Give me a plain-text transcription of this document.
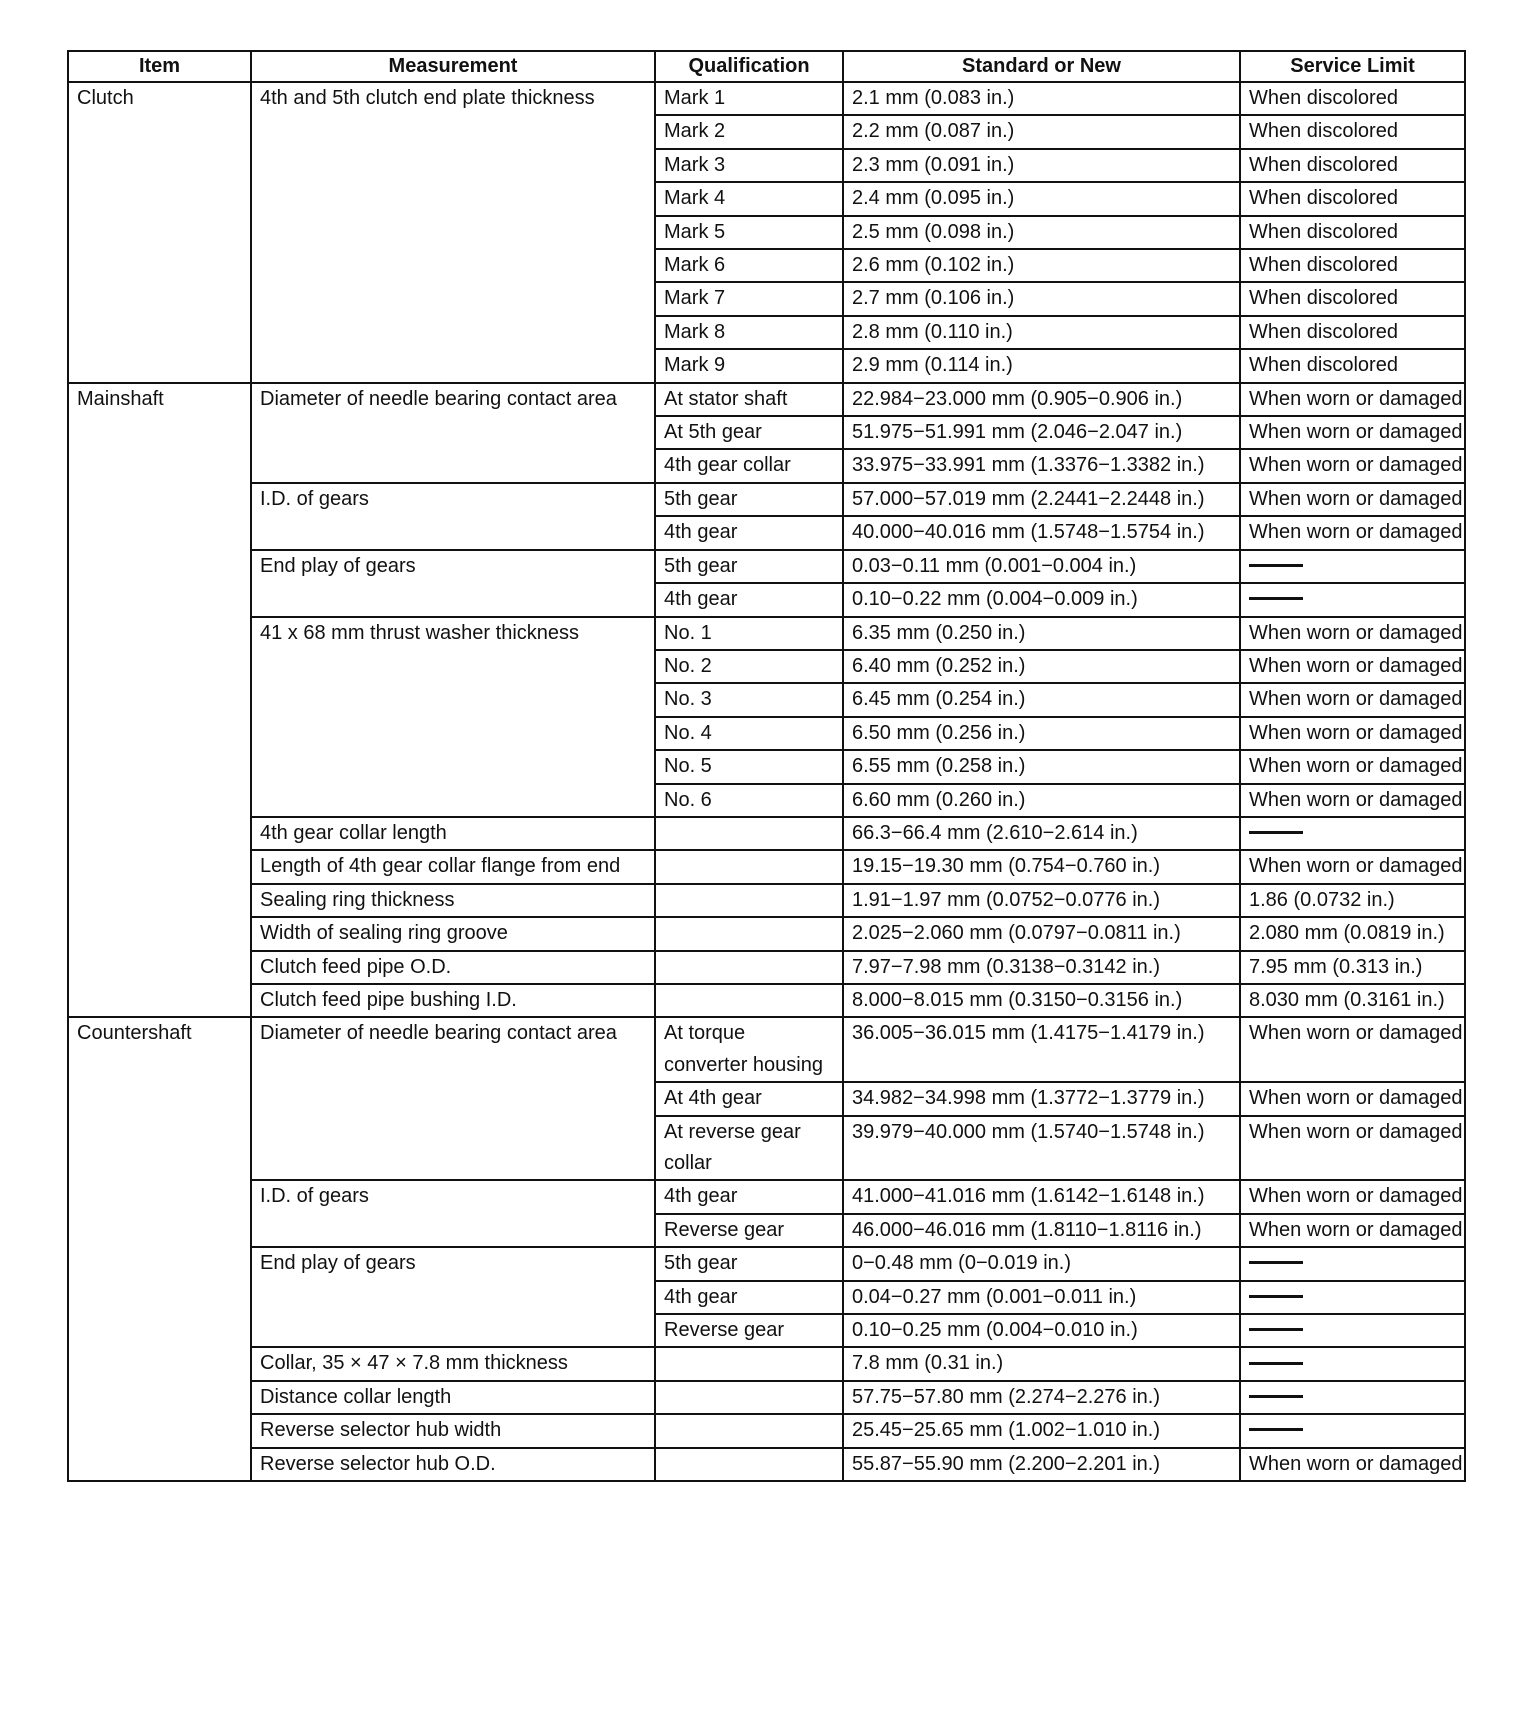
Item	Measurement	Qualification	Standard or New	Service Limit
Clutch	4th and 5th clutch end plate thickness	Mark 1	2.1 mm (0.083 in.)	When discolored
		Mark 2	2.2 mm (0.087 in.)	When discolored
		Mark 3	2.3 mm (0.091 in.)	When discolored
		Mark 4	2.4 mm (0.095 in.)	When discolored
		Mark 5	2.5 mm (0.098 in.)	When discolored
		Mark 6	2.6 mm (0.102 in.)	When discolored
		Mark 7	2.7 mm (0.106 in.)	When discolored
		Mark 8	2.8 mm (0.110 in.)	When discolored
		Mark 9	2.9 mm (0.114 in.)	When discolored
Mainshaft	Diameter of needle bearing contact area	At stator shaft	22.984−23.000 mm (0.905−0.906 in.)	When worn or damaged
		At 5th gear	51.975−51.991 mm (2.046−2.047 in.)	When worn or damaged
		4th gear collar	33.975−33.991 mm (1.3376−1.3382 in.)	When worn or damaged
	I.D. of gears	5th gear	57.000−57.019 mm (2.2441−2.2448 in.)	When worn or damaged
		4th gear	40.000−40.016 mm (1.5748−1.5754 in.)	When worn or damaged
	End play of gears	5th gear	0.03−0.11 mm (0.001−0.004 in.)	
		4th gear	0.10−0.22 mm (0.004−0.009 in.)	
	41 x 68 mm thrust washer thickness	No. 1	6.35 mm (0.250 in.)	When worn or damaged
		No. 2	6.40 mm (0.252 in.)	When worn or damaged
		No. 3	6.45 mm (0.254 in.)	When worn or damaged
		No. 4	6.50 mm (0.256 in.)	When worn or damaged
		No. 5	6.55 mm (0.258 in.)	When worn or damaged
		No. 6	6.60 mm (0.260 in.)	When worn or damaged
	4th gear collar length		66.3−66.4 mm (2.610−2.614 in.)	
	Length of 4th gear collar flange from end		19.15−19.30 mm (0.754−0.760 in.)	When worn or damaged
	Sealing ring thickness		1.91−1.97 mm (0.0752−0.0776 in.)	1.86 (0.0732 in.)
	Width of sealing ring groove		2.025−2.060 mm (0.0797−0.0811 in.)	2.080 mm (0.0819 in.)
	Clutch feed pipe O.D.		7.97−7.98 mm (0.3138−0.3142 in.)	7.95 mm (0.313 in.)
	Clutch feed pipe bushing I.D.		8.000−8.015 mm (0.3150−0.3156 in.)	8.030 mm (0.3161 in.)
Countershaft	Diameter of needle bearing contact area	At torque converter housing	36.005−36.015 mm (1.4175−1.4179 in.)	When worn or damaged
		At 4th gear	34.982−34.998 mm (1.3772−1.3779 in.)	When worn or damaged
		At reverse gear collar	39.979−40.000 mm (1.5740−1.5748 in.)	When worn or damaged
	I.D. of gears	4th gear	41.000−41.016 mm (1.6142−1.6148 in.)	When worn or damaged
		Reverse gear	46.000−46.016 mm (1.8110−1.8116 in.)	When worn or damaged
	End play of gears	5th gear	0−0.48 mm (0−0.019 in.)	
		4th gear	0.04−0.27 mm (0.001−0.011 in.)	
		Reverse gear	0.10−0.25 mm (0.004−0.010 in.)	
	Collar, 35 × 47 × 7.8 mm thickness		7.8 mm (0.31 in.)	
	Distance collar length		57.75−57.80 mm (2.274−2.276 in.)	
	Reverse selector hub width		25.45−25.65 mm (1.002−1.010 in.)	
	Reverse selector hub O.D.		55.87−55.90 mm (2.200−2.201 in.)	When worn or damaged
